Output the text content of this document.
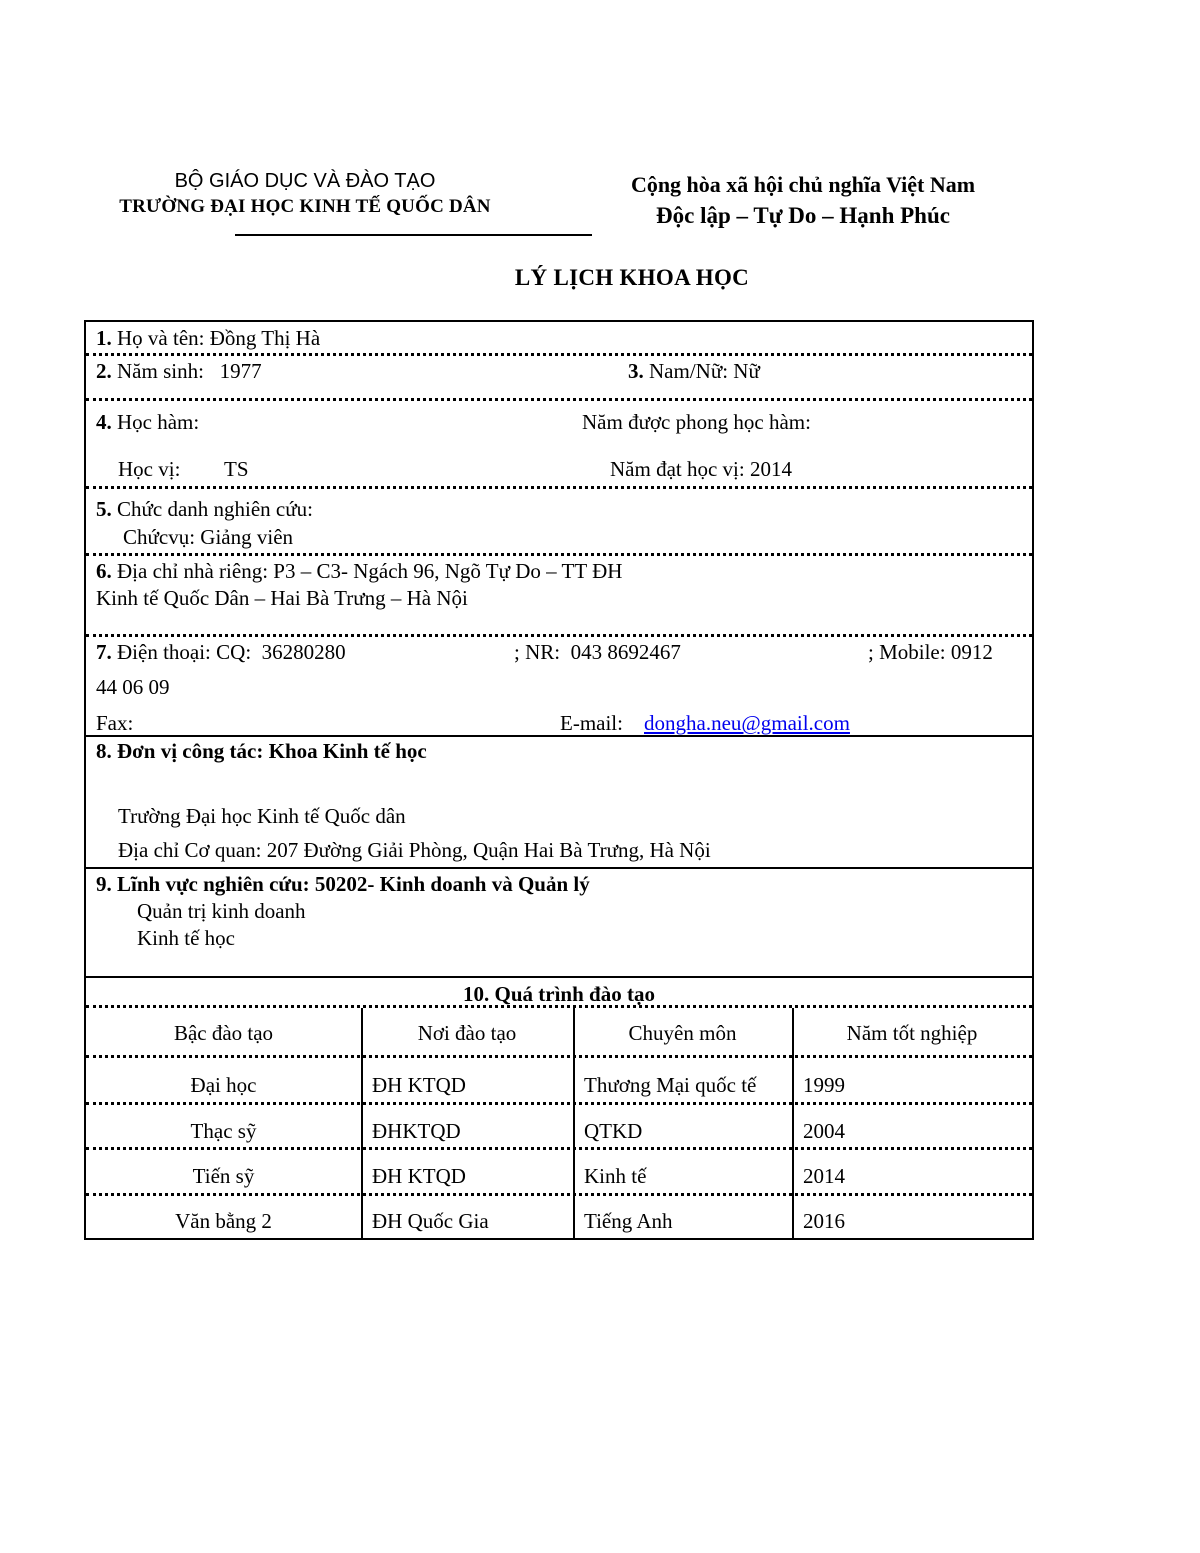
BỘ GIÁO DỤC VÀ ĐÀO TẠO
TRƯỜNG ĐẠI HỌC KINH TẾ QUỐC DÂN
Cộng hòa xã hội chủ nghĩa Việt Nam
Độc lập – Tự Do – Hạnh Phúc
LÝ LỊCH KHOA HỌC
1. Họ và tên: Đồng Thị Hà
2. Năm sinh:   1977	3. Nam/Nữ: Nữ
4. Học hàm:	Năm được phong học hàm:
Học vị: TS	Năm đạt học vị: 2014
5. Chức danh nghiên cứu:
Chứcvụ: Giảng viên
6. Địa chỉ nhà riêng: P3 – C3- Ngách 96, Ngõ Tự Do – TT ĐH
Kinh tế Quốc Dân – Hai Bà Trưng – Hà Nội
7. Điện thoại: CQ:  36280280	; NR:  043 8692467	; Mobile: 0912
44 06 09
Fax:	E-mail: dongha.neu@gmail.com
8. Đơn vị công tác: Khoa Kinh tế học
Trường Đại học Kinh tế Quốc dân
Địa chỉ Cơ quan: 207 Đường Giải Phòng, Quận Hai Bà Trưng, Hà Nội
9. Lĩnh vực nghiên cứu: 50202- Kinh doanh và Quản lý
Quản trị kinh doanh
Kinh tế học
10. Quá trình đào tạo
Bậc đào tạo	Nơi đào tạo	Chuyên môn	Năm tốt nghiệp
Đại học	ĐH KTQD	Thương Mại quốc tế 1999
Thạc sỹ	ĐHKTQD	QTKD	2004
Tiến sỹ	ĐH KTQD	Kinh tế	2014
Văn bằng 2	ĐH Quốc Gia	Tiếng Anh	2016
